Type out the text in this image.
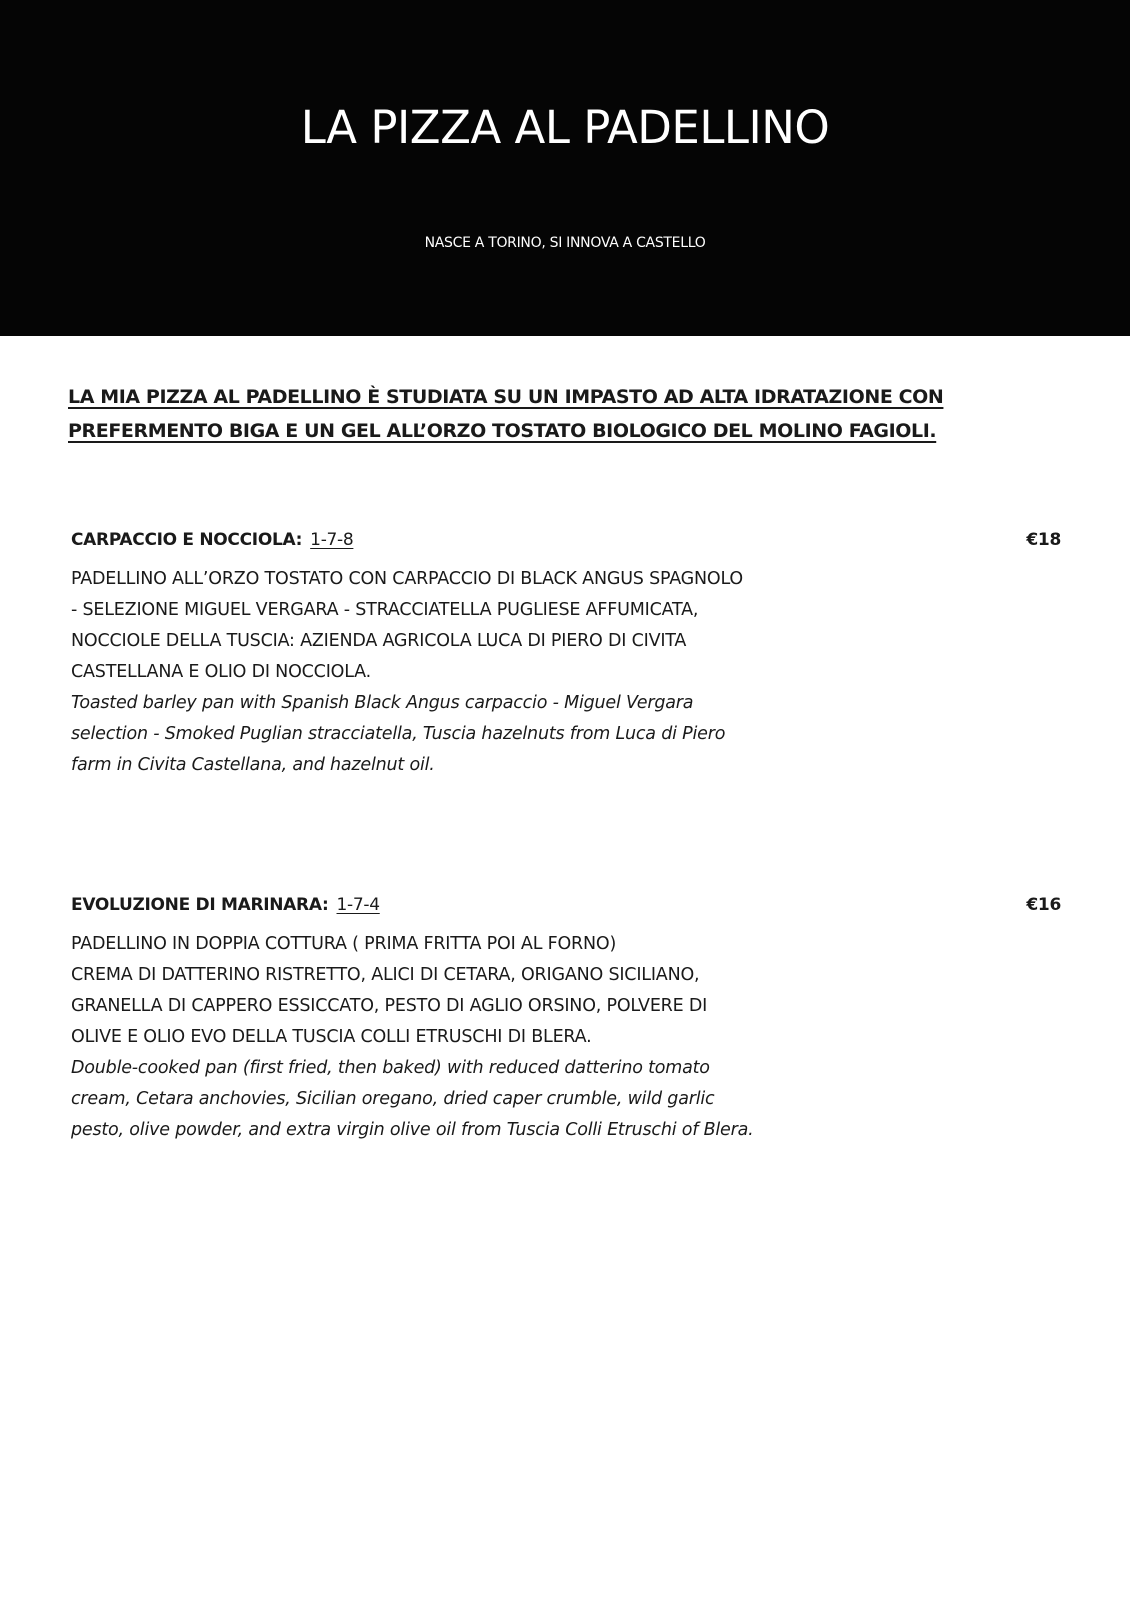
LA PIZZA AL PADELLINO
NASCE A TORINO, SI INNOVA A CASTELLO

LA MIA PIZZA AL PADELLINO È STUDIATA SU UN IMPASTO AD ALTA IDRATAZIONE CON
PREFERMENTO BIGA E UN GEL ALL’ORZO TOSTATO BIOLOGICO DEL MOLINO FAGIOLI.

CARPACCIO E NOCCIOLA: 1-7-8	€18
PADELLINO ALL’ORZO TOSTATO CON CARPACCIO DI BLACK ANGUS SPAGNOLO
- SELEZIONE MIGUEL VERGARA - STRACCIATELLA PUGLIESE AFFUMICATA,
NOCCIOLE DELLA TUSCIA: AZIENDA AGRICOLA LUCA DI PIERO DI CIVITA
CASTELLANA E OLIO DI NOCCIOLA.
Toasted barley pan with Spanish Black Angus carpaccio - Miguel Vergara
selection - Smoked Puglian stracciatella, Tuscia hazelnuts from Luca di Piero
farm in Civita Castellana, and hazelnut oil.
EVOLUZIONE DI MARINARA: 1-7-4	€16
PADELLINO IN DOPPIA COTTURA ( PRIMA FRITTA POI AL FORNO)
CREMA DI DATTERINO RISTRETTO, ALICI DI CETARA, ORIGANO SICILIANO,
GRANELLA DI CAPPERO ESSICCATO, PESTO DI AGLIO ORSINO, POLVERE DI
OLIVE E OLIO EVO DELLA TUSCIA COLLI ETRUSCHI DI BLERA.
Double-cooked pan (first fried, then baked) with reduced datterino tomato
cream, Cetara anchovies, Sicilian oregano, dried caper crumble, wild garlic
pesto, olive powder, and extra virgin olive oil from Tuscia Colli Etruschi of Blera.
